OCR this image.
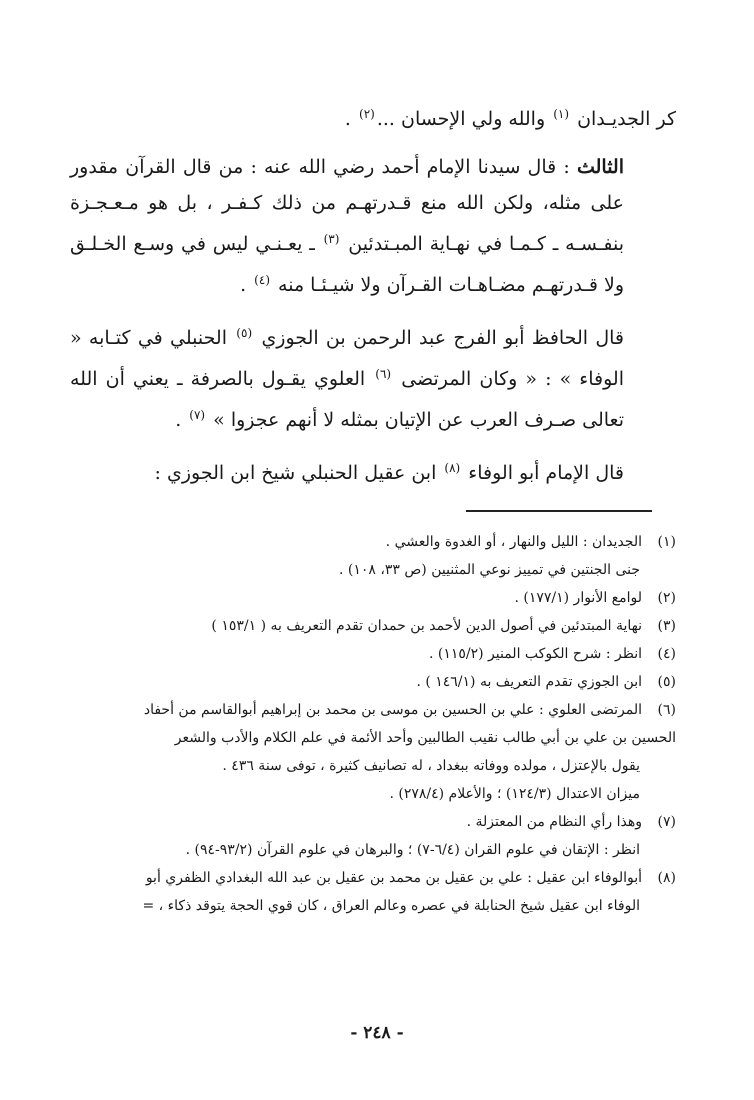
كر الجديـدان $^{(١)}$ والله ولي الإحسان ...$^{(٢)}$ .

الثالث : قال سيدنا الإمام أحمد رضي الله عنه : من قال القرآن مقدور على مثله، ولكن الله منع قـدرتهـم من ذلك كـفـر ، بل هو مـعـجـزة بنفـسـه ـ كـمـا في نهـاية المبـتدئين $^{(٣)}$ ـ يعـنـي ليس في وسـع الخـلـق ولا قـدرتهـم مضـاهـات القـرآن ولا شيـئـا منه $^{(٤)}$ .

قال الحافظ أبو الفرج عبد الرحمن بن الجوزي $^{(٥)}$ الحنبلي في كتـابه « الوفاء » : « وكان المرتضى $^{(٦)}$ العلوي يقـول بالصرفة ـ يعني أن الله تعالى صـرف العرب عن الإتيان بمثله لا أنهم عجزوا » $^{(٧)}$ .

قال الإمام أبو الوفاء $^{(٨)}$ ابن عقيل الحنبلي شيخ ابن الجوزي :

(١)الجديدان : الليل والنهار ، أو الغدوة والعشي .

جنى الجنتين في تمييز نوعي المثنيين (ص ٣٣، ١٠٨) .

(٢)لوامع الأنوار (١٧٧/١) .

(٣)نهاية المبتدئين في أصول الدين لأحمد بن حمدان تقدم التعريف به ( ١٥٣/١ )

(٤)انظر : شرح الكوكب المنير (١١٥/٢) .

(٥)ابن الجوزي تقدم التعريف به (١٤٦/١ ) .

(٦)المرتضى العلوي : علي بن الحسين بن موسى بن محمد بن إبراهيم أبوالقاسم من أحفاد

الحسين بن علي بن أبي طالب نقيب الطالبين وأحد الأئمة في علم الكلام والأدب والشعر

يقول بالإعتزل ، مولده ووفاته ببغداد ، له تصانيف كثيرة ، توفى سنة ٤٣٦ .

ميزان الاعتدال (١٢٤/٣) ؛ والأعلام (٢٧٨/٤) .

(٧)وهذا رأي النظام من المعتزلة .

انظر : الإتقان في علوم القران (٦/٤-٧) ؛ والبرهان في علوم القرآن (٩٣/٢-٩٤) .

(٨)أبوالوفاء ابن عقيل : علي بن عقيل بن محمد بن عقيل بن عبد الله البغدادي الظفري أبو

الوفاء ابن عقيل شيخ الحنابلة في عصره وعالم العراق ، كان قوي الحجة يتوقد ذكاء ، =

- ٢٤٨ -
